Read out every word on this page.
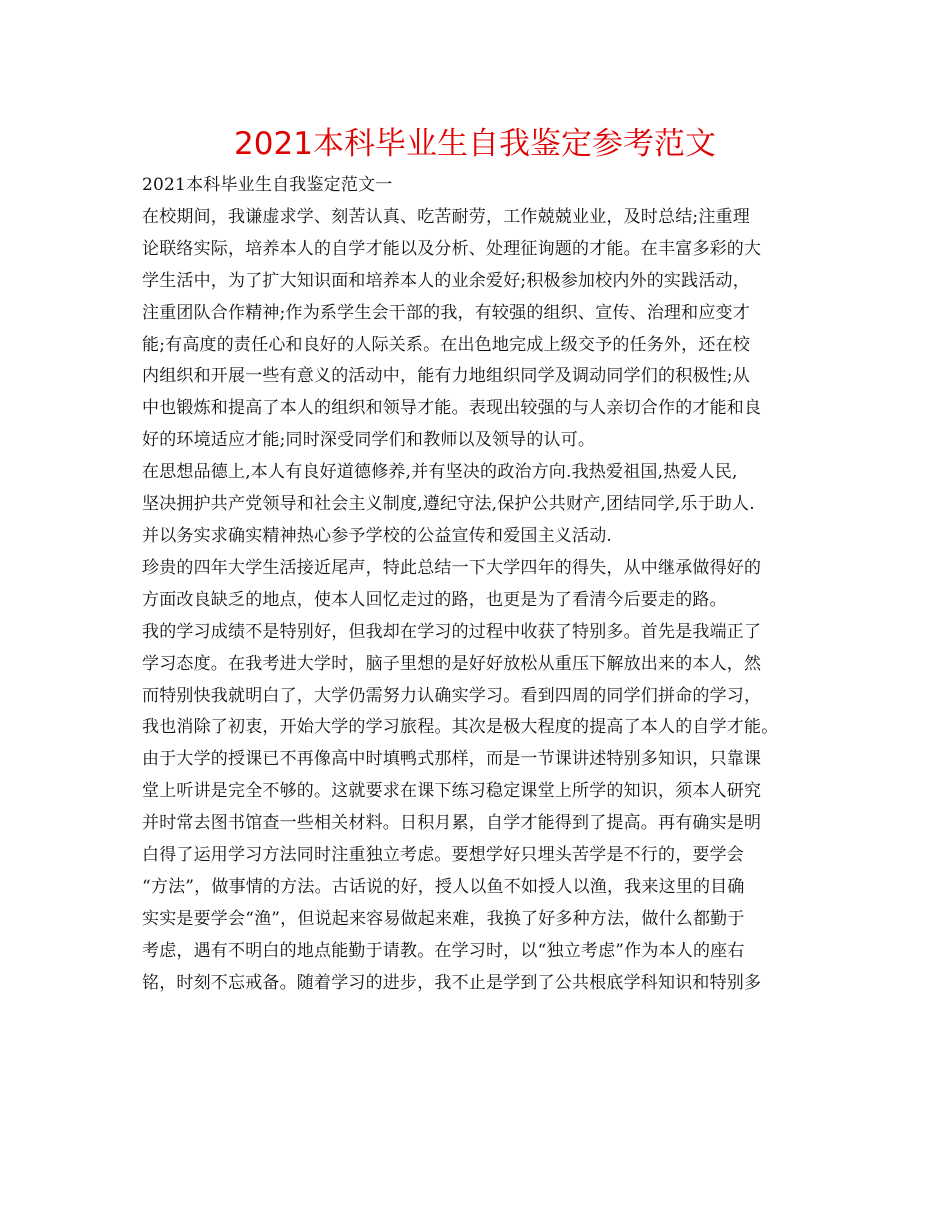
2021本科毕业生自我鉴定参考范文
2021本科毕业生自我鉴定范文一
在校期间，我谦虚求学、刻苦认真、吃苦耐劳，工作兢兢业业，及时总结;注重理
论联络实际，培养本人的自学才能以及分析、处理征询题的才能。在丰富多彩的大
学生活中，为了扩大知识面和培养本人的业余爱好;积极参加校内外的实践活动，
注重团队合作精神;作为系学生会干部的我，有较强的组织、宣传、治理和应变才
能;有高度的责任心和良好的人际关系。在出色地完成上级交予的任务外，还在校
内组织和开展一些有意义的活动中，能有力地组织同学及调动同学们的积极性;从
中也锻炼和提高了本人的组织和领导才能。表现出较强的与人亲切合作的才能和良
好的环境适应才能;同时深受同学们和教师以及领导的认可。
在思想品德上,本人有良好道德修养,并有坚决的政治方向.我热爱祖国,热爱人民,
坚决拥护共产党领导和社会主义制度,遵纪守法,保护公共财产,团结同学,乐于助人.
并以务实求确实精神热心参予学校的公益宣传和爱国主义活动.
珍贵的四年大学生活接近尾声，特此总结一下大学四年的得失，从中继承做得好的
方面改良缺乏的地点，使本人回忆走过的路，也更是为了看清今后要走的路。
我的学习成绩不是特别好，但我却在学习的过程中收获了特别多。首先是我端正了
学习态度。在我考进大学时，脑子里想的是好好放松从重压下解放出来的本人，然
而特别快我就明白了，大学仍需努力认确实学习。看到四周的同学们拼命的学习，
我也消除了初衷，开始大学的学习旅程。其次是极大程度的提高了本人的自学才能。
由于大学的授课已不再像高中时填鸭式那样，而是一节课讲述特别多知识，只靠课
堂上听讲是完全不够的。这就要求在课下练习稳定课堂上所学的知识，须本人研究
并时常去图书馆查一些相关材料。日积月累，自学才能得到了提高。再有确实是明
白得了运用学习方法同时注重独立考虑。要想学好只埋头苦学是不行的，要学会
“方法”，做事情的方法。古话说的好，授人以鱼不如授人以渔，我来这里的目确
实实是要学会“渔”，但说起来容易做起来难，我换了好多种方法，做什么都勤于
考虑，遇有不明白的地点能勤于请教。在学习时，以“独立考虑”作为本人的座右
铭，时刻不忘戒备。随着学习的进步，我不止是学到了公共根底学科知识和特别多
